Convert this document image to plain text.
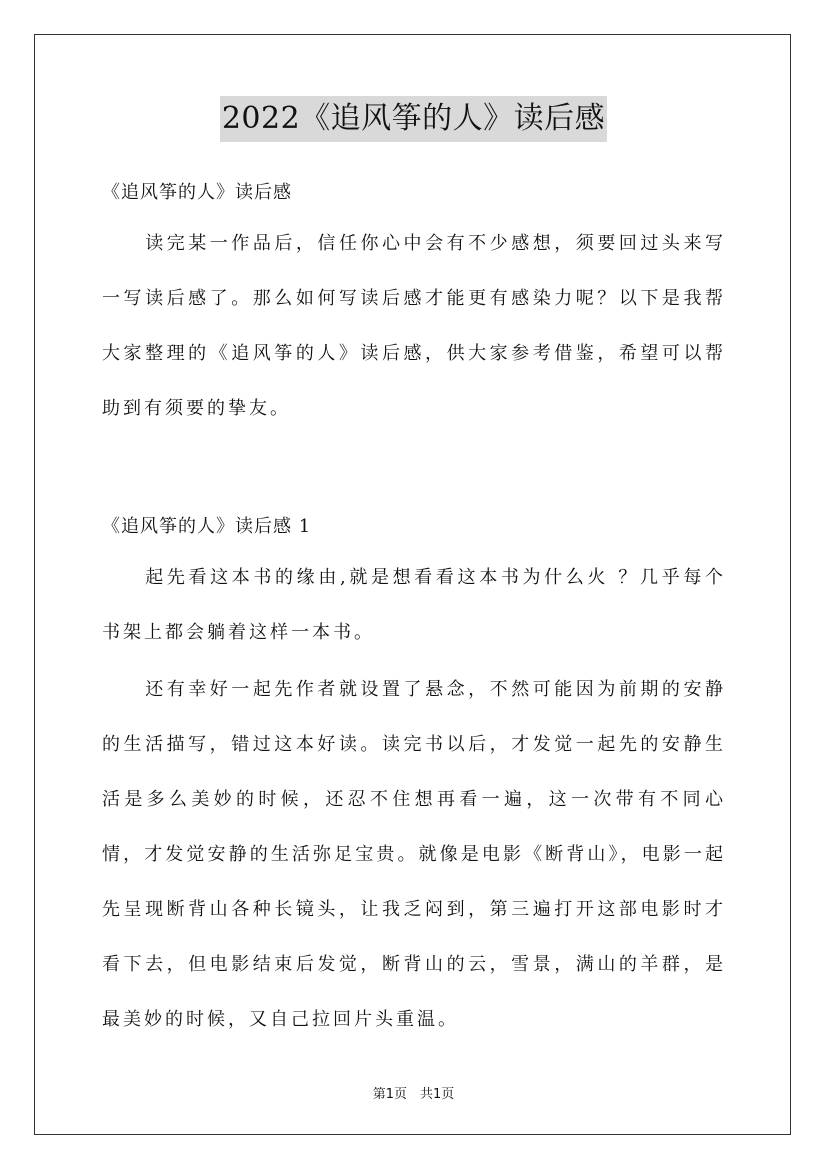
2022《追风筝的人》读后感

《追风筝的人》读后感

读完某一作品后，信任你心中会有不少感想，须要回过头来写一写读后感了。那么如何写读后感才能更有感染力呢？以下是我帮大家整理的《追风筝的人》读后感，供大家参考借鉴，希望可以帮助到有须要的挚友。

《追风筝的人》读后感 1

起先看这本书的缘由,就是想看看这本书为什么火 ？几乎每个书架上都会躺着这样一本书。

还有幸好一起先作者就设置了悬念，不然可能因为前期的安静的生活描写，错过这本好读。读完书以后，才发觉一起先的安静生活是多么美妙的时候，还忍不住想再看一遍，这一次带有不同心情，才发觉安静的生活弥足宝贵。就像是电影《断背山》，电影一起先呈现断背山各种长镜头，让我乏闷到，第三遍打开这部电影时才看下去，但电影结束后发觉，断背山的云，雪景，满山的羊群，是最美妙的时候，又自己拉回片头重温。

第1页　共1页
